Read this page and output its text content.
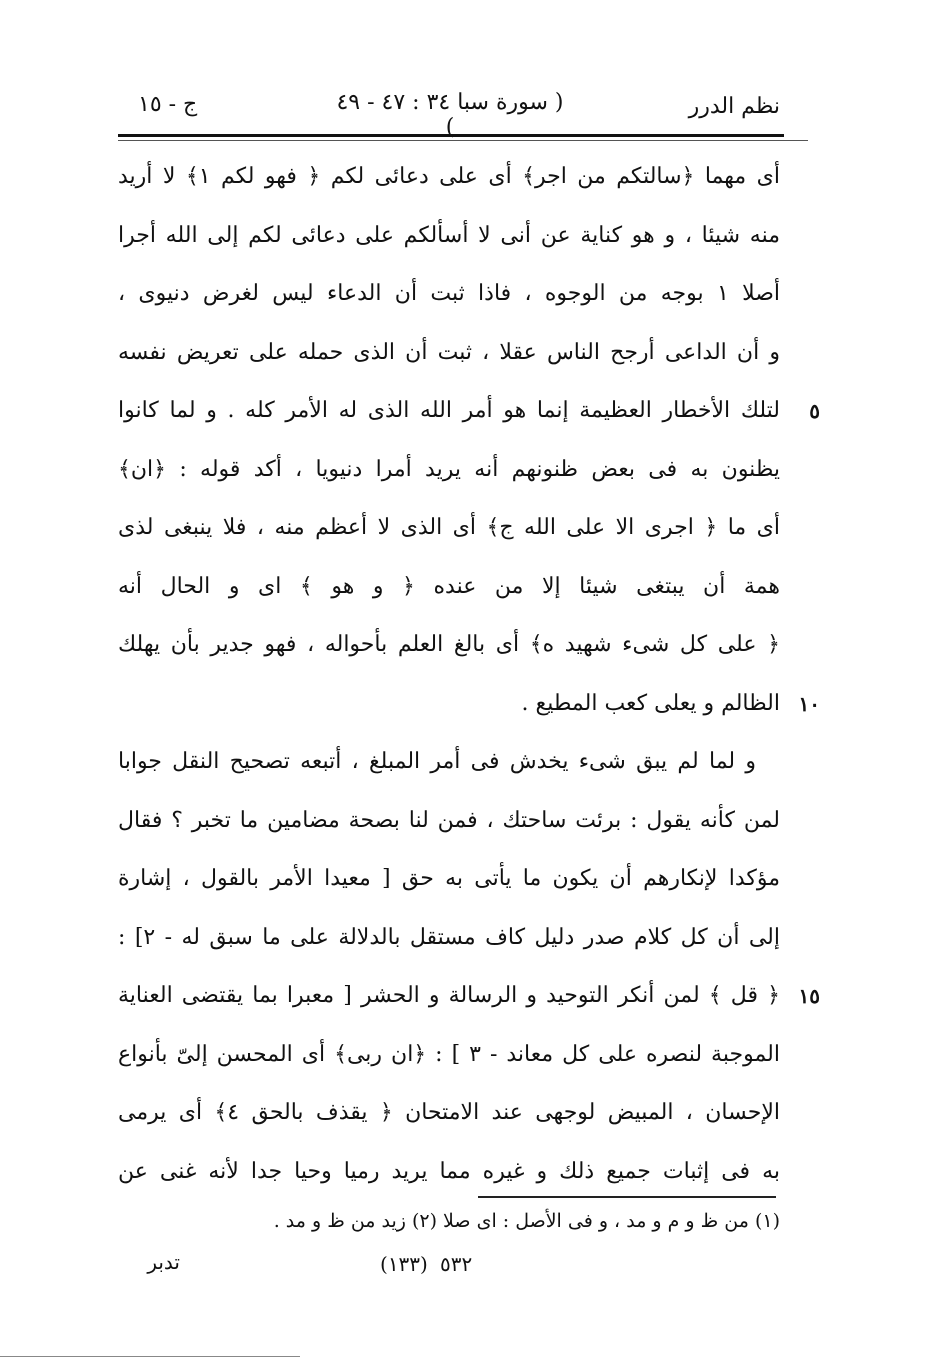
نظم الدرر
( سورة سبا ٣٤ : ٤٧ - ٤٩ )
ج - ١٥
أى مهما ﴿سالتكم من اجر﴾ أى على دعائى لكم ﴿ فهو لكم ١﴾ لا أريد
منه شيئا ، و هو كناية عن أنى لا أسألكم على دعائى لكم إلى الله أجرا
أصلا ١ بوجه من الوجوه ، فاذا ثبت أن الدعاء ليس لغرض دنيوى ،
و أن الداعى أرجح الناس عقلا ، ثبت أن الذى حمله على تعريض نفسه
٥
لتلك الأخطار العظيمة إنما هو أمر الله الذى له الأمر كله . و لما كانوا
يظنون به فى بعض ظنونهم أنه يريد أمرا دنيويا ، أكد قوله : ﴿ان﴾
أى ما ﴿ اجرى الا على الله ج﴾ أى الذى لا أعظم منه ، فلا ينبغى لذى
همة أن يبتغى شيئا إلا من عنده ﴿ و هو ﴾ اى و الحال أنه
﴿ على كل شىء شهيد ه﴾ أى بالغ العلم بأحواله ، فهو جدير بأن يهلك
١٠
الظالم و يعلى كعب المطيع .
و لما لم يبق شىء يخدش فى أمر المبلغ ، أتبعه تصحيح النقل جوابا
لمن كأنه يقول : برئت ساحتك ، فمن لنا بصحة مضامين ما تخبر ؟ فقال
مؤكدا لإنكارهم أن يكون ما يأتى به حق [ معيدا الأمر بالقول ، إشارة
إلى أن كل كلام صدر دليل كاف مستقل بالدلالة على ما سبق له - ٢] :
١٥
﴿ قل ﴾ لمن أنكر التوحيد و الرسالة و الحشر [ معبرا بما يقتضى العناية
الموجبة لنصره على كل معاند - ٣ ] : ﴿ان ربى﴾ أى المحسن إلىّ بأنواع
الإحسان ، المبيض لوجهى عند الامتحان ﴿ يقذف بالحق ٤﴾ أى يرمى
به فى إثبات جميع ذلك و غيره مما يريد رميا وحيا جدا لأنه غنى عن
(١) من ظ و م و مد ، و فى الأصل : اى صلا (٢) زيد من ظ و مد .
تدبر	(١٣٣) ٥٣٢
